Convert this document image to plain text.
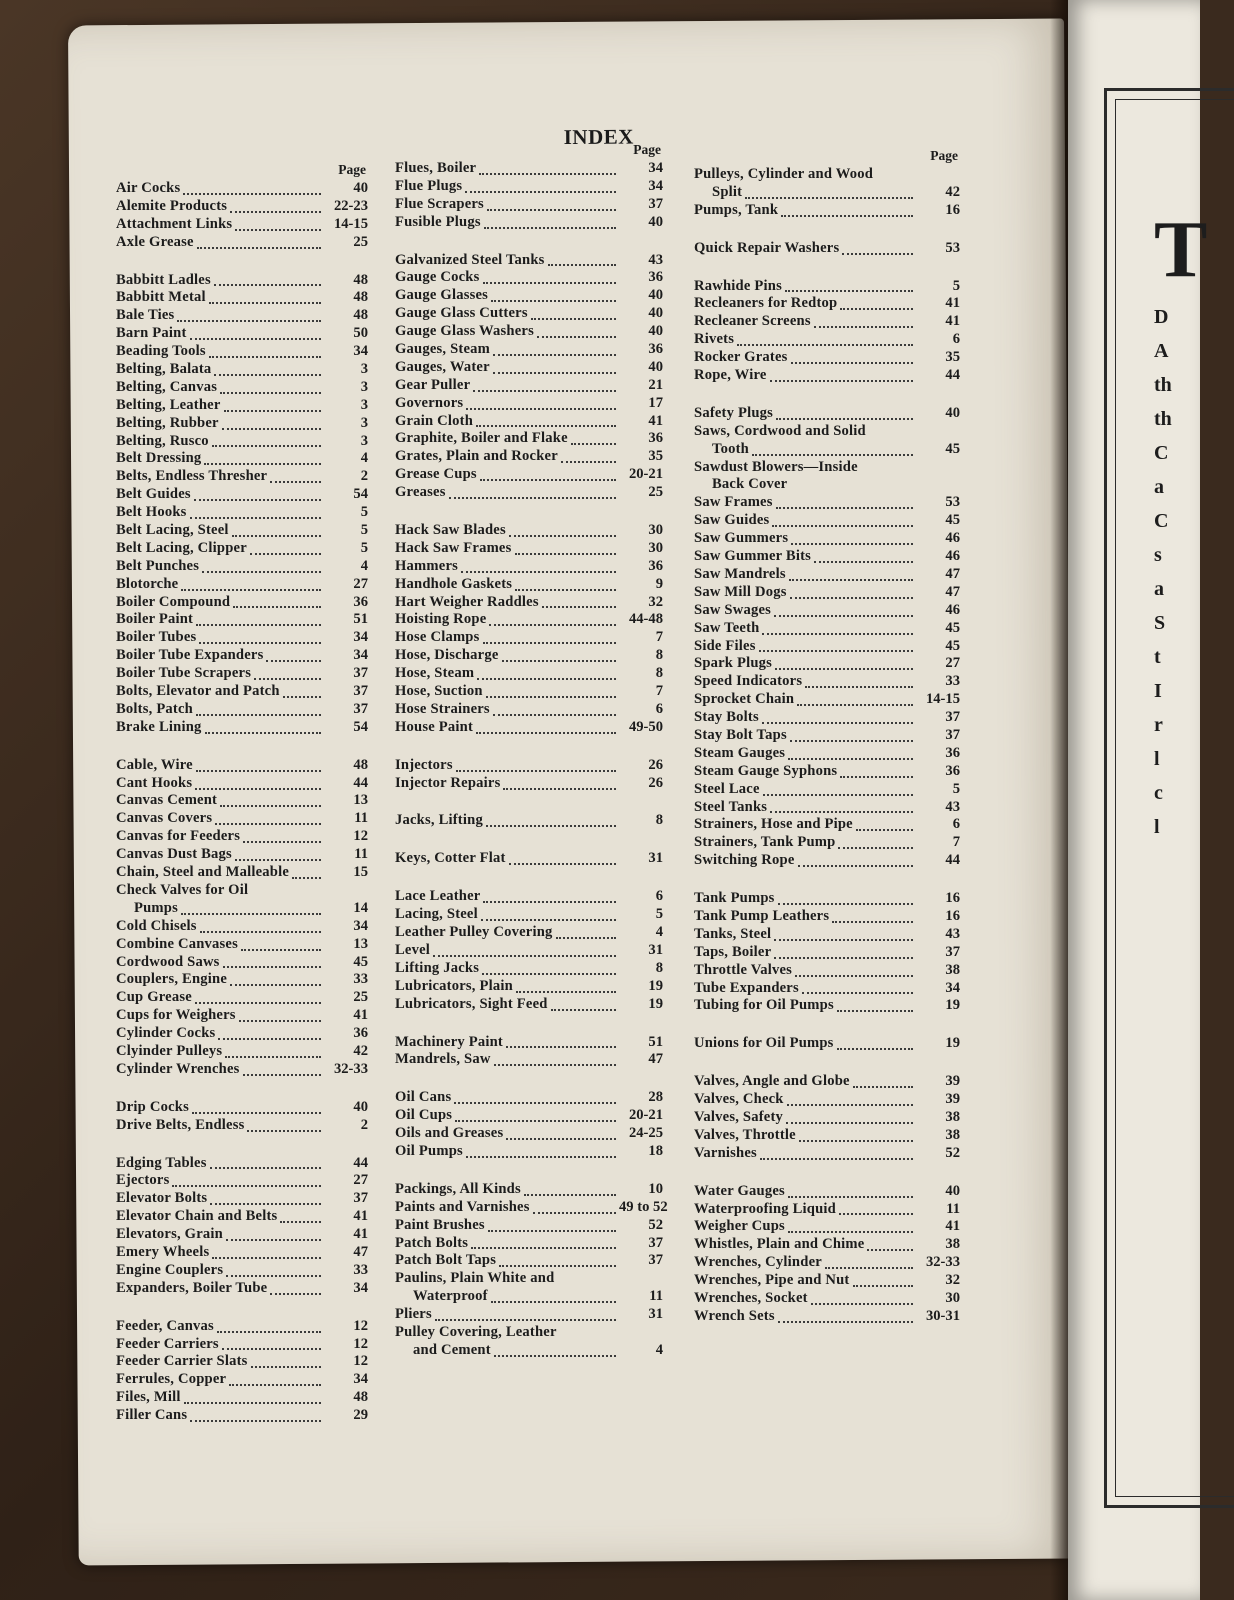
INDEX
T
D
A
th
th
C
a
C
s
a
S
t
I
r
l
c
l
Page
Air Cocks	40
Alemite Products	22-23
Attachment Links	14-15
Axle Grease	25
Babbitt Ladles	48
Babbitt Metal	48
Bale Ties	48
Barn Paint	50
Beading Tools	34
Belting, Balata	3
Belting, Canvas	3
Belting, Leather	3
Belting, Rubber	3
Belting, Rusco	3
Belt Dressing	4
Belts, Endless Thresher	2
Belt Guides	54
Belt Hooks	5
Belt Lacing, Steel	5
Belt Lacing, Clipper	5
Belt Punches	4
Blotorche	27
Boiler Compound	36
Boiler Paint	51
Boiler Tubes	34
Boiler Tube Expanders	34
Boiler Tube Scrapers	37
Bolts, Elevator and Patch	37
Bolts, Patch	37
Brake Lining	54
Cable, Wire	48
Cant Hooks	44
Canvas Cement	13
Canvas Covers	11
Canvas for Feeders	12
Canvas Dust Bags	11
Chain, Steel and Malleable	15
Check Valves for Oil
Pumps	14
Cold Chisels	34
Combine Canvases	13
Cordwood Saws	45
Couplers, Engine	33
Cup Grease	25
Cups for Weighers	41
Cylinder Cocks	36
Clyinder Pulleys	42
Cylinder Wrenches	32-33
Drip Cocks	40
Drive Belts, Endless	2
Edging Tables	44
Ejectors	27
Elevator Bolts	37
Elevator Chain and Belts	41
Elevators, Grain	41
Emery Wheels	47
Engine Couplers	33
Expanders, Boiler Tube	34
Feeder, Canvas	12
Feeder Carriers	12
Feeder Carrier Slats	12
Ferrules, Copper	34
Files, Mill	48
Filler Cans	29
Page
Flues, Boiler	34
Flue Plugs	34
Flue Scrapers	37
Fusible Plugs	40
Galvanized Steel Tanks	43
Gauge Cocks	36
Gauge Glasses	40
Gauge Glass Cutters	40
Gauge Glass Washers	40
Gauges, Steam	36
Gauges, Water	40
Gear Puller	21
Governors	17
Grain Cloth	41
Graphite, Boiler and Flake	36
Grates, Plain and Rocker	35
Grease Cups	20-21
Greases	25
Hack Saw Blades	30
Hack Saw Frames	30
Hammers	36
Handhole Gaskets	9
Hart Weigher Raddles	32
Hoisting Rope	44-48
Hose Clamps	7
Hose, Discharge	8
Hose, Steam	8
Hose, Suction	7
Hose Strainers	6
House Paint	49-50
Injectors	26
Injector Repairs	26
Jacks, Lifting	8
Keys, Cotter Flat	31
Lace Leather	6
Lacing, Steel	5
Leather Pulley Covering	4
Level	31
Lifting Jacks	8
Lubricators, Plain	19
Lubricators, Sight Feed	19
Machinery Paint	51
Mandrels, Saw	47
Oil Cans	28
Oil Cups	20-21
Oils and Greases	24-25
Oil Pumps	18
Packings, All Kinds	10
Paints and Varnishes	49 to 52
Paint Brushes	52
Patch Bolts	37
Patch Bolt Taps	37
Paulins, Plain White and
Waterproof	11
Pliers	31
Pulley Covering, Leather
and Cement	4
Page
Pulleys, Cylinder and Wood
Split	42
Pumps, Tank	16
Quick Repair Washers	53
Rawhide Pins	5
Recleaners for Redtop	41
Recleaner Screens	41
Rivets	6
Rocker Grates	35
Rope, Wire	44
Safety Plugs	40
Saws, Cordwood and Solid
Tooth	45
Sawdust Blowers—Inside
Back Cover
Saw Frames	53
Saw Guides	45
Saw Gummers	46
Saw Gummer Bits	46
Saw Mandrels	47
Saw Mill Dogs	47
Saw Swages	46
Saw Teeth	45
Side Files	45
Spark Plugs	27
Speed Indicators	33
Sprocket Chain	14-15
Stay Bolts	37
Stay Bolt Taps	37
Steam Gauges	36
Steam Gauge Syphons	36
Steel Lace	5
Steel Tanks	43
Strainers, Hose and Pipe	6
Strainers, Tank Pump	7
Switching Rope	44
Tank Pumps	16
Tank Pump Leathers	16
Tanks, Steel	43
Taps, Boiler	37
Throttle Valves	38
Tube Expanders	34
Tubing for Oil Pumps	19
Unions for Oil Pumps	19
Valves, Angle and Globe	39
Valves, Check	39
Valves, Safety	38
Valves, Throttle	38
Varnishes	52
Water Gauges	40
Waterproofing Liquid	11
Weigher Cups	41
Whistles, Plain and Chime	38
Wrenches, Cylinder	32-33
Wrenches, Pipe and Nut	32
Wrenches, Socket	30
Wrench Sets	30-31
